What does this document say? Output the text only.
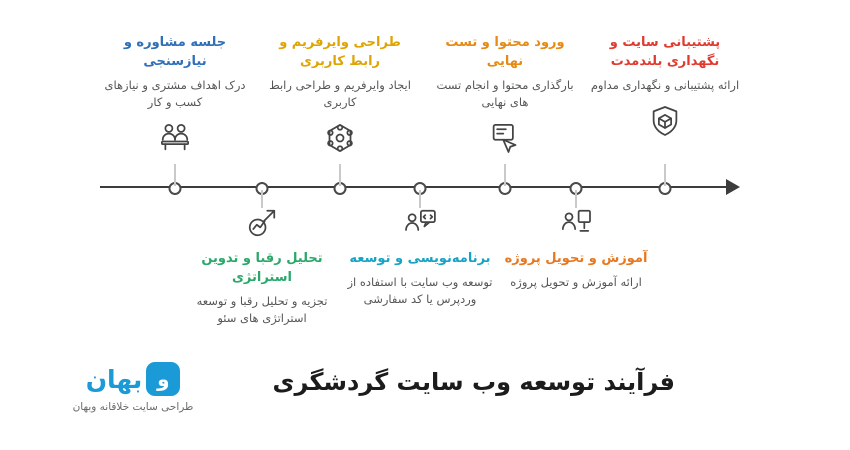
جلسه مشاوره و نیازسنجی
درک اهداف مشتری و نیازهای کسب و کار
تحلیل رقبا و تدوین استراتژی
تجزیه و تحلیل رقبا و توسعه استراتژی های سئو
طراحی وایرفریم و رابط کاربری
ایجاد وایرفریم و طراحی رابط کاربری
برنامه‌نویسی و توسعه
توسعه وب سایت با استفاده از وردپرس یا کد سفارشی
ورود محتوا و تست نهایی
بارگذاری محتوا و انجام تست های نهایی
آموزش و تحویل پروژه
ارائه آموزش و تحویل پروژه
پشتیبانی سایت و نگهداری بلندمدت
ارائه پشتیبانی و نگهداری مداوم
فرآیند توسعه وب سایت گردشگری
و
بهان
طراحی سایت خلاقانه وبهان
